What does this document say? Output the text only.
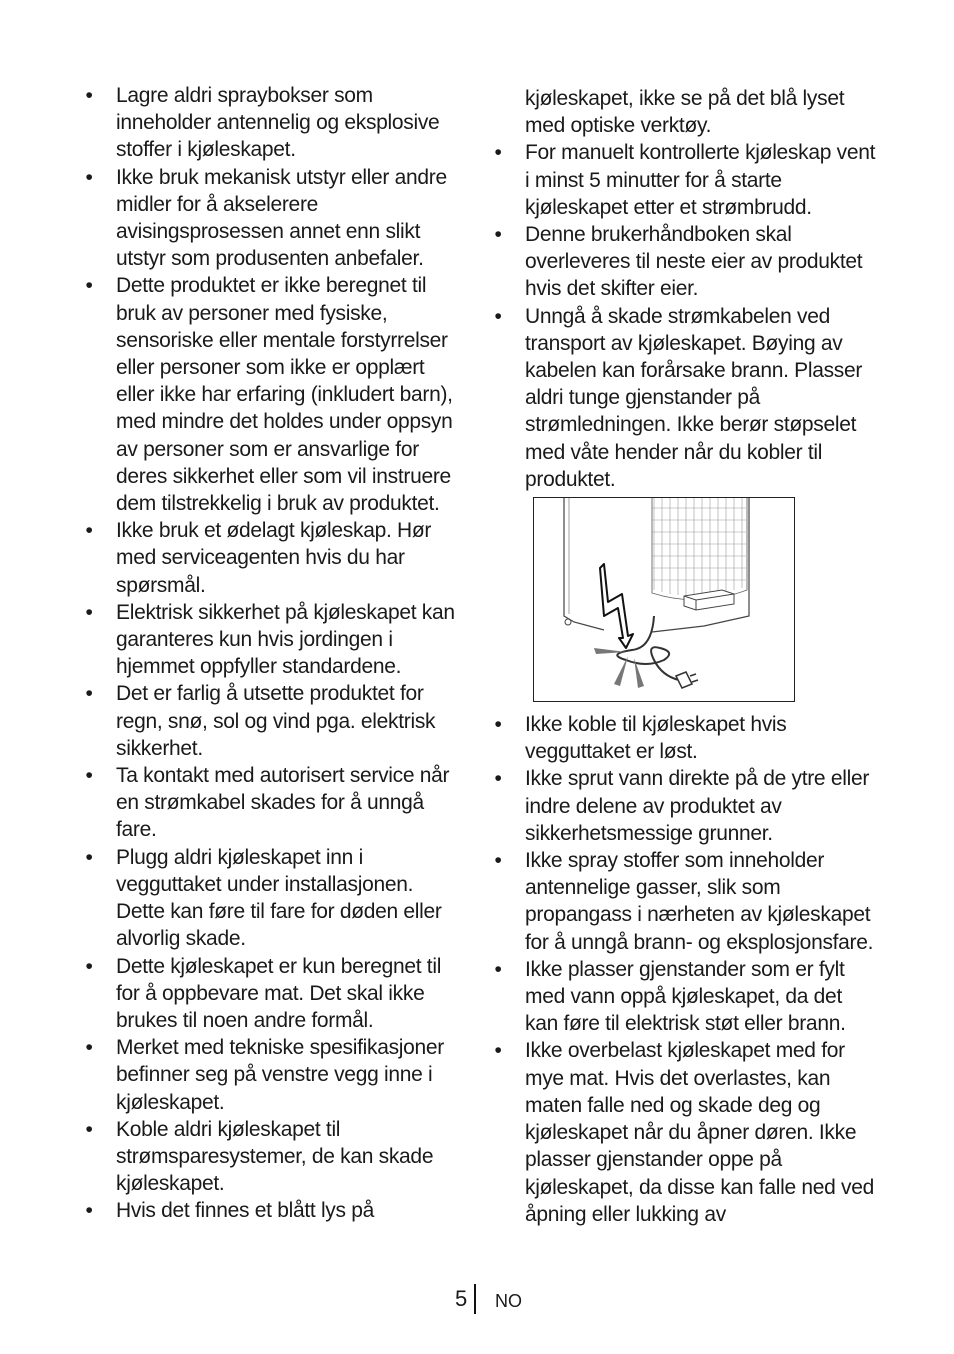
• Lagre aldri spraybokser som inneholder antennelig og eksplosive stoffer i kjøleskapet.
• Ikke bruk mekanisk utstyr eller andre midler for å akselerere avisingsprosessen annet enn slikt utstyr som produsenten anbefaler.
• Dette produktet er ikke beregnet til bruk av personer med fysiske, sensoriske eller mentale forstyrrelser eller personer som ikke er opplært eller ikke har erfaring (inkludert barn), med mindre det holdes under oppsyn av personer som er ansvarlige for deres sikkerhet eller som vil instruere dem tilstrekkelig i bruk av produktet.
• Ikke bruk et ødelagt kjøleskap. Hør med serviceagenten hvis du har spørsmål.
• Elektrisk sikkerhet på kjøleskapet kan garanteres kun hvis jordingen i hjemmet oppfyller standardene.
• Det er farlig å utsette produktet for regn, snø, sol og vind pga. elektrisk sikkerhet.
• Ta kontakt med autorisert service når en strømkabel skades for å unngå fare.
• Plugg aldri kjøleskapet inn i vegguttaket under installasjonen. Dette kan føre til fare for døden eller alvorlig skade.
• Dette kjøleskapet er kun beregnet til for å oppbevare mat. Det skal ikke brukes til noen andre formål.
• Merket med tekniske spesifikasjoner befinner seg på venstre vegg inne i kjøleskapet.
• Koble aldri kjøleskapet til strømsparesystemer, de kan skade kjøleskapet.
• Hvis det finnes et blått lys på
kjøleskapet, ikke se på det blå lyset med optiske verktøy.
• For manuelt kontrollerte kjøleskap vent i minst 5 minutter for å starte kjøleskapet etter et strømbrudd.
• Denne brukerhåndboken skal overleveres til neste eier av produktet hvis det skifter eier.
• Unngå å skade strømkabelen ved transport av kjøleskapet. Bøying av kabelen kan forårsake brann. Plasser aldri tunge gjenstander på strømledningen. Ikke berør støpselet med våte hender når du kobler til produktet.
• Ikke koble til kjøleskapet hvis vegguttaket er løst.
• Ikke sprut vann direkte på de ytre eller indre delene av produktet av sikkerhetsmessige grunner.
• Ikke spray stoffer som inneholder antennelige gasser, slik som propangass i nærheten av kjøleskapet for å unngå brann- og eksplosjonsfare.
• Ikke plasser gjenstander som er fylt med vann oppå kjøleskapet, da det kan føre til elektrisk støt eller brann.
• Ikke overbelast kjøleskapet med for mye mat. Hvis det overlastes, kan maten falle ned og skade deg og kjøleskapet når du åpner døren. Ikke plasser gjenstander oppe på kjøleskapet, da disse kan falle ned ved åpning eller lukking av
5 NO
